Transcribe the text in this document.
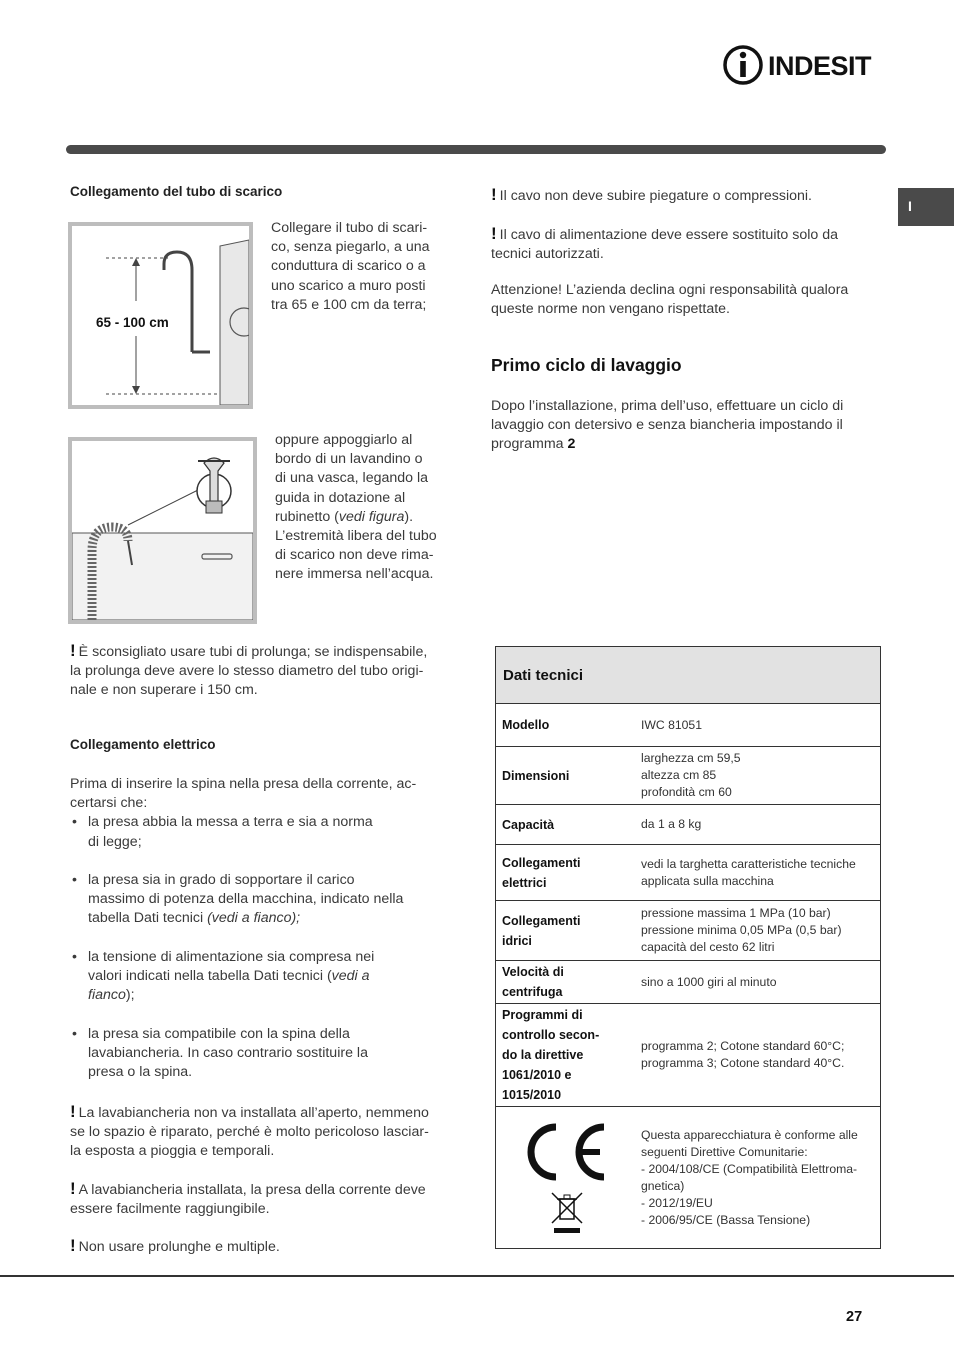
INDESIT
I
Collegamento del tubo di scarico
65 - 100 cm
Collegare il tubo di scari-
co, senza piegarlo, a una
conduttura di scarico o a
uno scarico a muro posti
tra 65 e 100 cm da terra;
oppure appoggiarlo al
bordo di un lavandino o
di una vasca, legando la
guida in dotazione al
rubinetto (vedi figura).
L’estremità libera del tubo
di scarico non deve rima-
nere immersa nell’acqua.
! È sconsigliato usare tubi di prolunga; se indispensabile,
la prolunga deve avere lo stesso diametro del tubo origi-
nale e non superare i 150 cm.
Collegamento elettrico
Prima di inserire la spina nella presa della corrente, ac-
certarsi che:
• la presa abbia la messa a terra e sia a norma
di legge;
• la presa sia in grado di sopportare il carico
massimo di potenza della macchina, indicato nella
tabella Dati tecnici (vedi a fianco);
• la tensione di alimentazione sia compresa nei
valori indicati nella tabella Dati tecnici (vedi a
fianco);
• la presa sia compatibile con la spina della
lavabiancheria. In caso contrario sostituire la
presa o la spina.
! La lavabiancheria non va installata all’aperto, nemmeno
se lo spazio è riparato, perché è molto pericoloso lasciar-
la esposta a pioggia e temporali.
! A lavabiancheria installata, la presa della corrente deve
essere facilmente raggiungibile.
! Non usare prolunghe e multiple.
! Il cavo non deve subire piegature o compressioni.
! Il cavo di alimentazione deve essere sostituito solo da
tecnici autorizzati.
Attenzione! L’azienda declina ogni responsabilità qualora
queste norme non vengano rispettate.
Primo ciclo di lavaggio
Dopo l’installazione, prima dell’uso, effettuare un ciclo di
lavaggio con detersivo e senza biancheria impostando il
programma 2
Dati tecnici
Modello	IWC 81051
Dimensioni
larghezza cm 59,5
altezza cm 85
profondità cm 60
Capacità	da 1 a 8 kg
Collegamenti
elettrici
vedi la targhetta caratteristiche tecniche
applicata sulla macchina
Collegamenti
idrici
pressione massima 1 MPa (10 bar)
pressione minima 0,05 MPa (0,5 bar)
capacità del cesto 62 litri
Velocità di
centrifuga
sino a 1000 giri al minuto
Programmi di
controllo secon-
do la direttive
1061/2010 e
1015/2010
programma 2; Cotone standard 60°C;
programma 3; Cotone standard 40°C.
Questa apparecchiatura è conforme alle
seguenti Direttive Comunitarie:
- 2004/108/CE (Compatibilità Elettroma-
gnetica)
- 2012/19/EU
- 2006/95/CE (Bassa Tensione)
27
